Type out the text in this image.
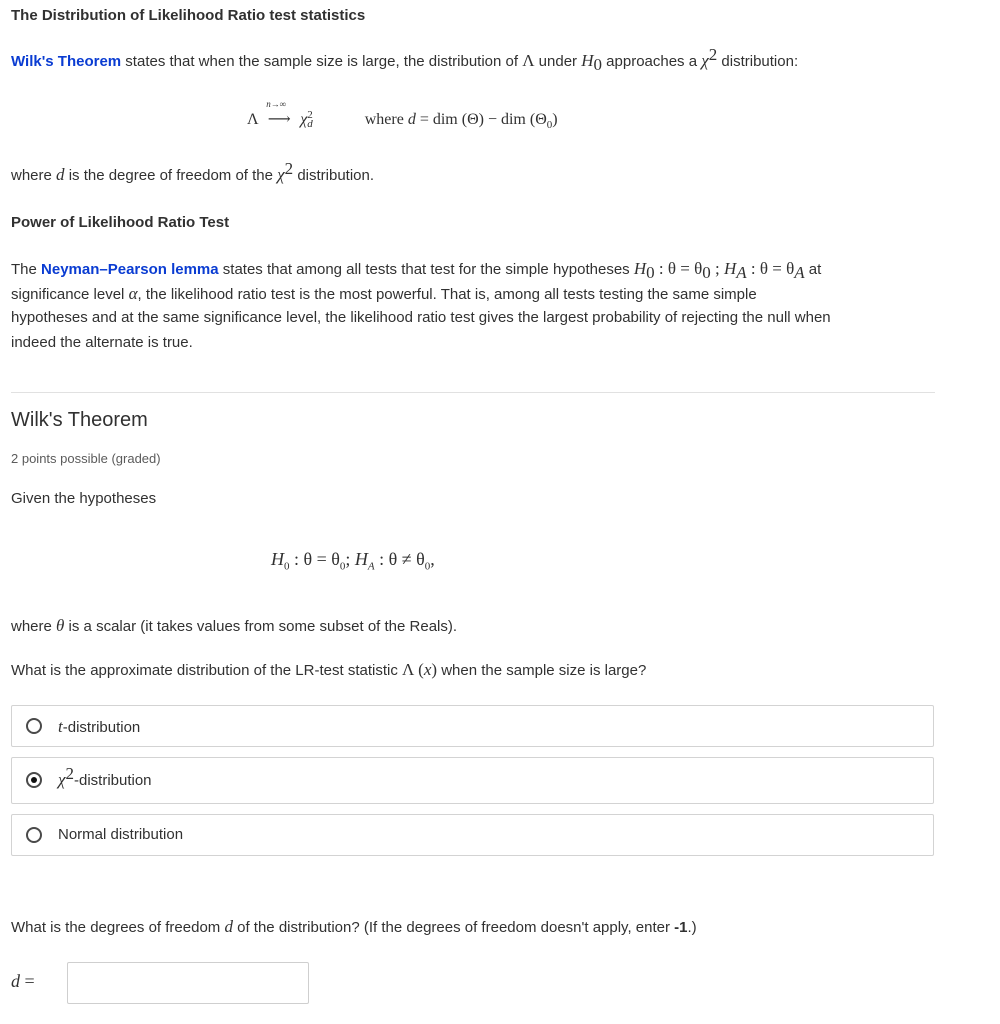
The Distribution of Likelihood Ratio test statistics
Wilk's Theorem states that when the sample size is large, the distribution of Λ under $H_0$ approaches a $\chi^2$ distribution:
Λ
n→∞
⟶ χ 2
d	where d = dim (Θ) − dim $(\Theta_0)$
where d is the degree of freedom of the $\chi^2$ distribution.
Power of Likelihood Ratio Test
The Neyman–Pearson lemma states that among all tests that test for the simple hypotheses $H_0$ : $\theta = \theta_0$ ; $H_A$ : $\theta = \theta_A$ at
significance level α, the likelihood ratio test is the most powerful. That is, among all tests testing the same simple
hypotheses and at the same significance level, the likelihood ratio test gives the largest probability of rejecting the null when
indeed the alternate is true.
Wilk's Theorem
2 points possible (graded)
Given the hypotheses
$H_0$ : $\theta = \theta_0$; $H_A$ : $\theta \ne \theta_0$,
where θ is a scalar (it takes values from some subset of the Reals).
What is the approximate distribution of the LR-test statistic Λ (x) when the sample size is large?
t-distribution
$\chi^2$-distribution
Normal distribution
What is the degrees of freedom d of the distribution? (If the degrees of freedom doesn't apply, enter -1.)
d =
